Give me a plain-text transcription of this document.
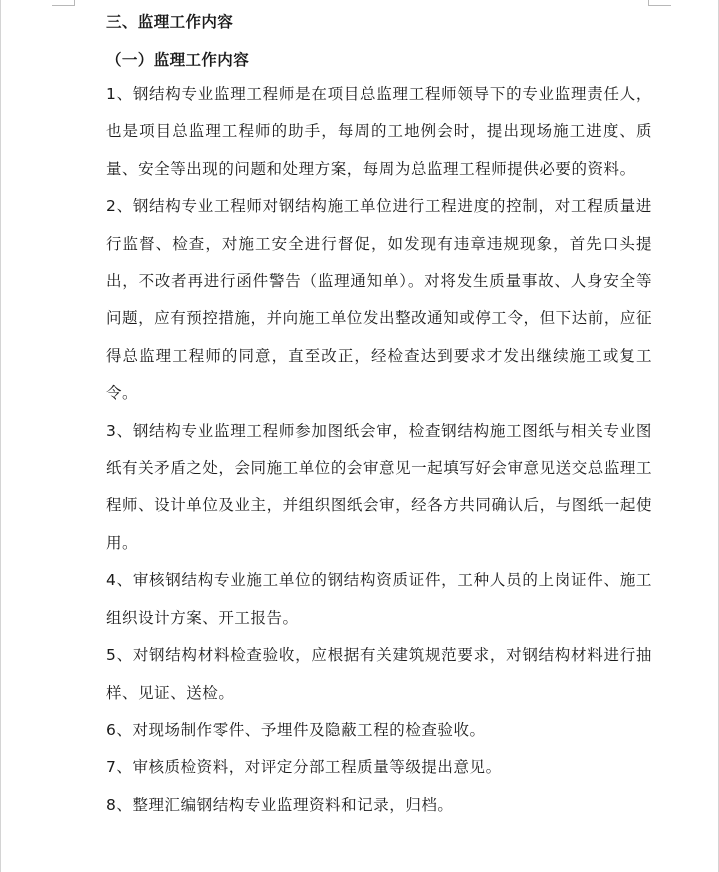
三、监理工作内容
（一）监理工作内容
1、钢结构专业监理工程师是在项目总监理工程师领导下的专业监理责任人，也是项目总监理工程师的助手，每周的工地例会时，提出现场施工进度、质量、安全等出现的问题和处理方案，每周为总监理工程师提供必要的资料。
2、钢结构专业工程师对钢结构施工单位进行工程进度的控制，对工程质量进行监督、检查，对施工安全进行督促，如发现有违章违规现象，首先口头提出，不改者再进行函件警告（监理通知单）。对将发生质量事故、人身安全等问题，应有预控措施，并向施工单位发出整改通知或停工令，但下达前，应征得总监理工程师的同意，直至改正，经检查达到要求才发出继续施工或复工令。
3、钢结构专业监理工程师参加图纸会审，检查钢结构施工图纸与相关专业图纸有关矛盾之处，会同施工单位的会审意见一起填写好会审意见送交总监理工程师、设计单位及业主，并组织图纸会审，经各方共同确认后，与图纸一起使用。
4、审核钢结构专业施工单位的钢结构资质证件，工种人员的上岗证件、施工组织设计方案、开工报告。
5、对钢结构材料检查验收，应根据有关建筑规范要求，对钢结构材料进行抽样、见证、送检。
6、对现场制作零件、予埋件及隐蔽工程的检查验收。
7、审核质检资料，对评定分部工程质量等级提出意见。
8、整理汇编钢结构专业监理资料和记录，归档。
